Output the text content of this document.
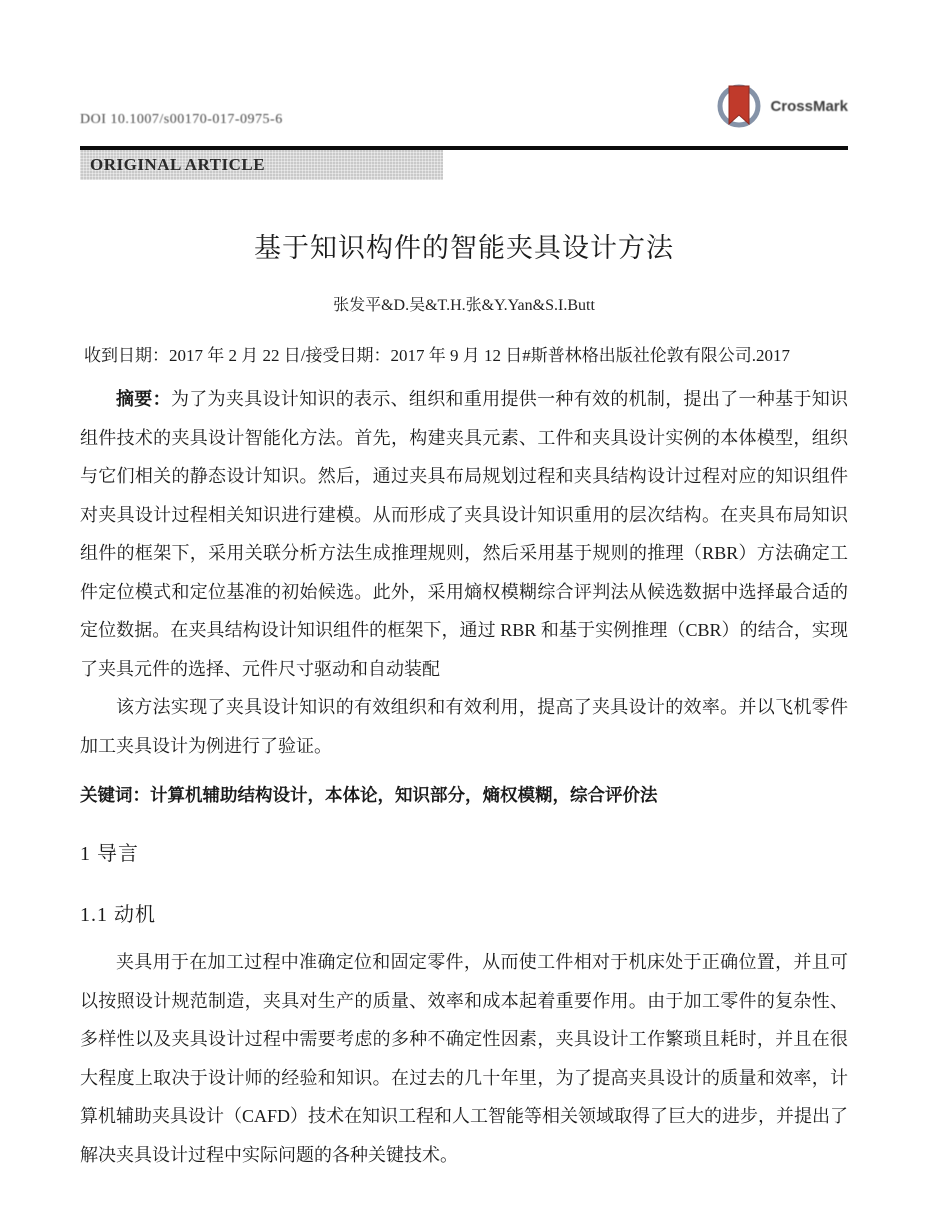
DOI 10.1007/s00170-017-0975-6
CrossMark
ORIGINAL ARTICLE
基于知识构件的智能夹具设计方法
张发平&D.吴&T.H.张&Y.Yan&S.I.Butt
收到日期：2017 年 2 月 22 日/接受日期：2017 年 9 月 12 日#斯普林格出版社伦敦有限公司.2017

摘要：为了为夹具设计知识的表示、组织和重用提供一种有效的机制，提出了一种基于知识组件技术的夹具设计智能化方法。首先，构建夹具元素、工件和夹具设计实例的本体模型，组织与它们相关的静态设计知识。然后，通过夹具布局规划过程和夹具结构设计过程对应的知识组件对夹具设计过程相关知识进行建模。从而形成了夹具设计知识重用的层次结构。在夹具布局知识组件的框架下，采用关联分析方法生成推理规则，然后采用基于规则的推理（RBR）方法确定工件定位模式和定位基准的初始候选。此外，采用熵权模糊综合评判法从候选数据中选择最合适的定位数据。在夹具结构设计知识组件的框架下，通过 RBR 和基于实例推理（CBR）的结合，实现了夹具元件的选择、元件尺寸驱动和自动装配

该方法实现了夹具设计知识的有效组织和有效利用，提高了夹具设计的效率。并以飞机零件加工夹具设计为例进行了验证。

关键词：计算机辅助结构设计，本体论，知识部分，熵权模糊，综合评价法
1 导言
1.1 动机

夹具用于在加工过程中准确定位和固定零件，从而使工件相对于机床处于正确位置，并且可以按照设计规范制造，夹具对生产的质量、效率和成本起着重要作用。由于加工零件的复杂性、多样性以及夹具设计过程中需要考虑的多种不确定性因素，夹具设计工作繁琐且耗时，并且在很大程度上取决于设计师的经验和知识。在过去的几十年里，为了提高夹具设计的质量和效率，计算机辅助夹具设计（CAFD）技术在知识工程和人工智能等相关领域取得了巨大的进步，并提出了解决夹具设计过程中实际问题的各种关键技术。
